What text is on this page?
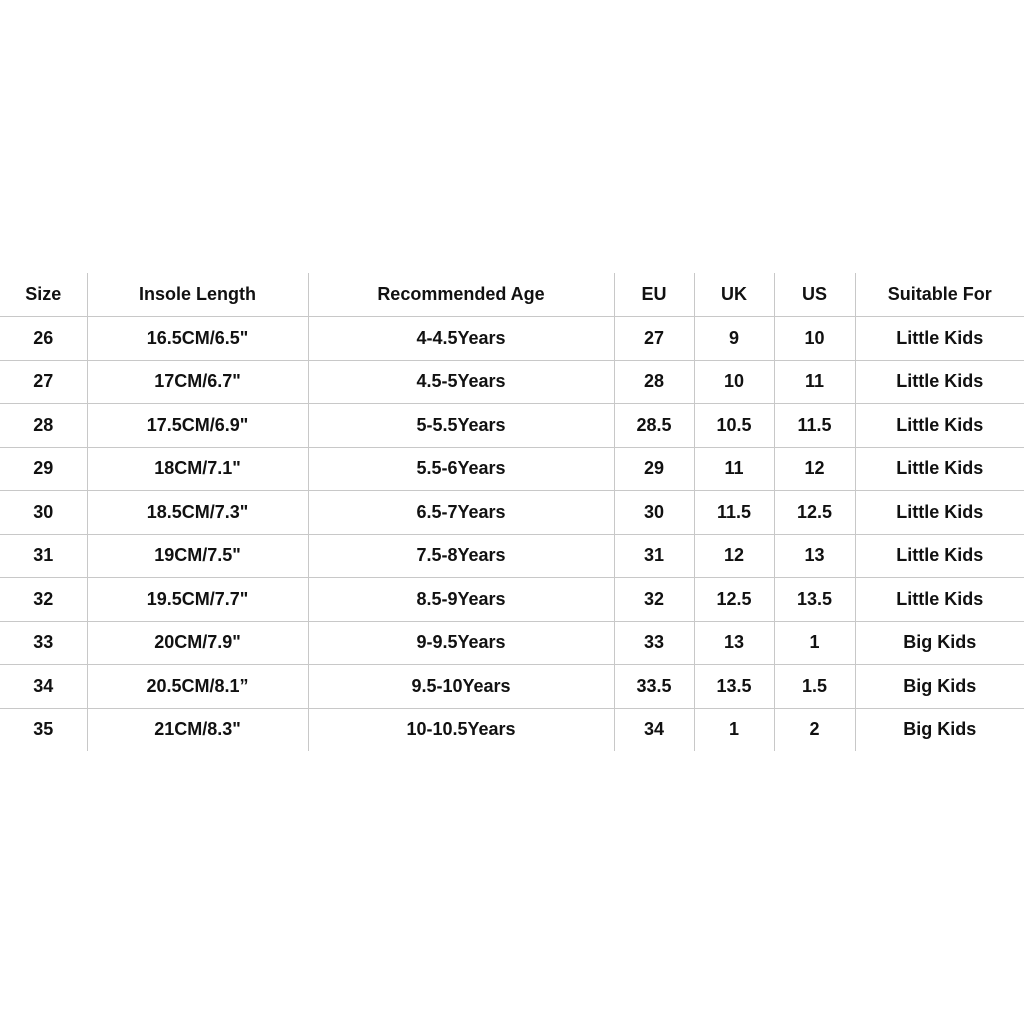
Size	Insole Length	Recommended Age	EU	UK	US	Suitable For
26	16.5CM/6.5"	4-4.5Years	27	9	10	Little Kids
27	17CM/6.7"	4.5-5Years	28	10	11	Little Kids
28	17.5CM/6.9"	5-5.5Years	28.5	10.5	11.5	Little Kids
29	18CM/7.1"	5.5-6Years	29	11	12	Little Kids
30	18.5CM/7.3"	6.5-7Years	30	11.5	12.5	Little Kids
31	19CM/7.5"	7.5-8Years	31	12	13	Little Kids
32	19.5CM/7.7"	8.5-9Years	32	12.5	13.5	Little Kids
33	20CM/7.9"	9-9.5Years	33	13	1	Big Kids
34	20.5CM/8.1”	9.5-10Years	33.5	13.5	1.5	Big Kids
35	21CM/8.3"	10-10.5Years	34	1	2	Big Kids
